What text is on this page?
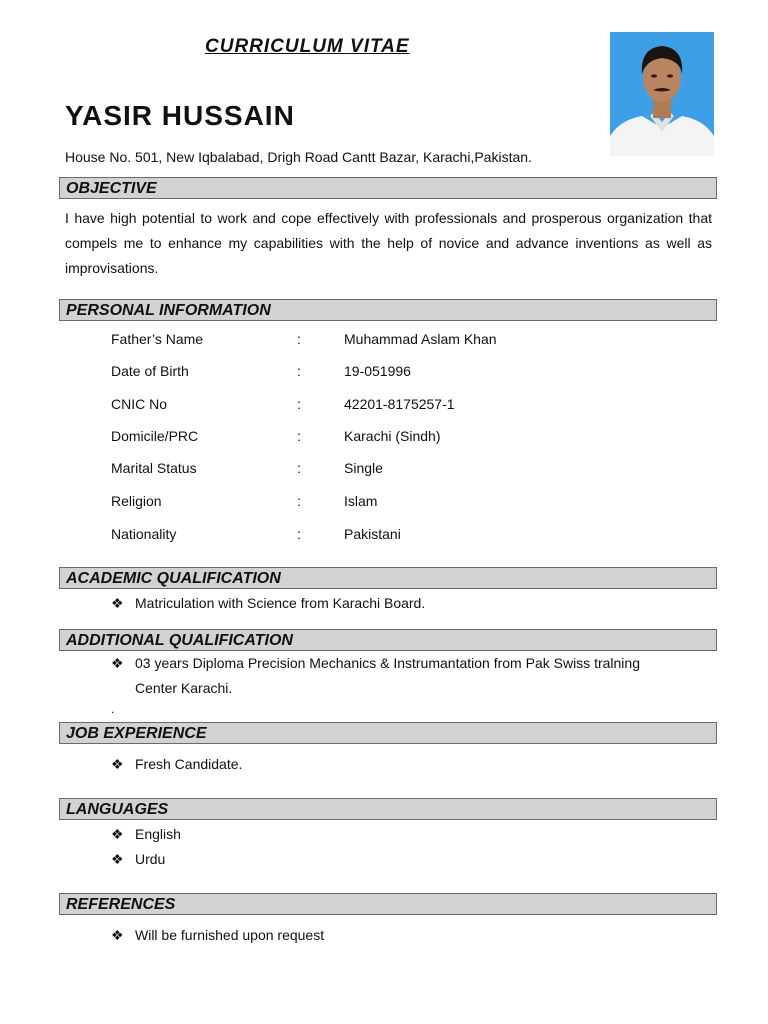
CURRICULUM VITAE
YASIR HUSSAIN
House No. 501, New Iqbalabad, Drigh Road Cantt Bazar, Karachi,Pakistan.
OBJECTIVE
I have high potential to work and cope effectively with professionals and prosperous organization that compels me to enhance my capabilities with the help of novice and advance inventions as well as improvisations.
PERSONAL INFORMATION
Father’s Name	:	Muhammad Aslam Khan
Date of Birth	:	19-051996
CNIC No	:	42201-8175257-1
Domicile/PRC	:	Karachi (Sindh)
Marital Status	:	Single
Religion	:	Islam
Nationality	:	Pakistani
ACADEMIC QUALIFICATION
❖ Matriculation with Science from Karachi Board.
ADDITIONAL QUALIFICATION
❖ 03 years Diploma Precision Mechanics & Instrumantation from Pak Swiss tralning
Center Karachi.
.
JOB EXPERIENCE
❖ Fresh Candidate.
LANGUAGES
❖ English
❖ Urdu
REFERENCES
❖ Will be furnished upon request
